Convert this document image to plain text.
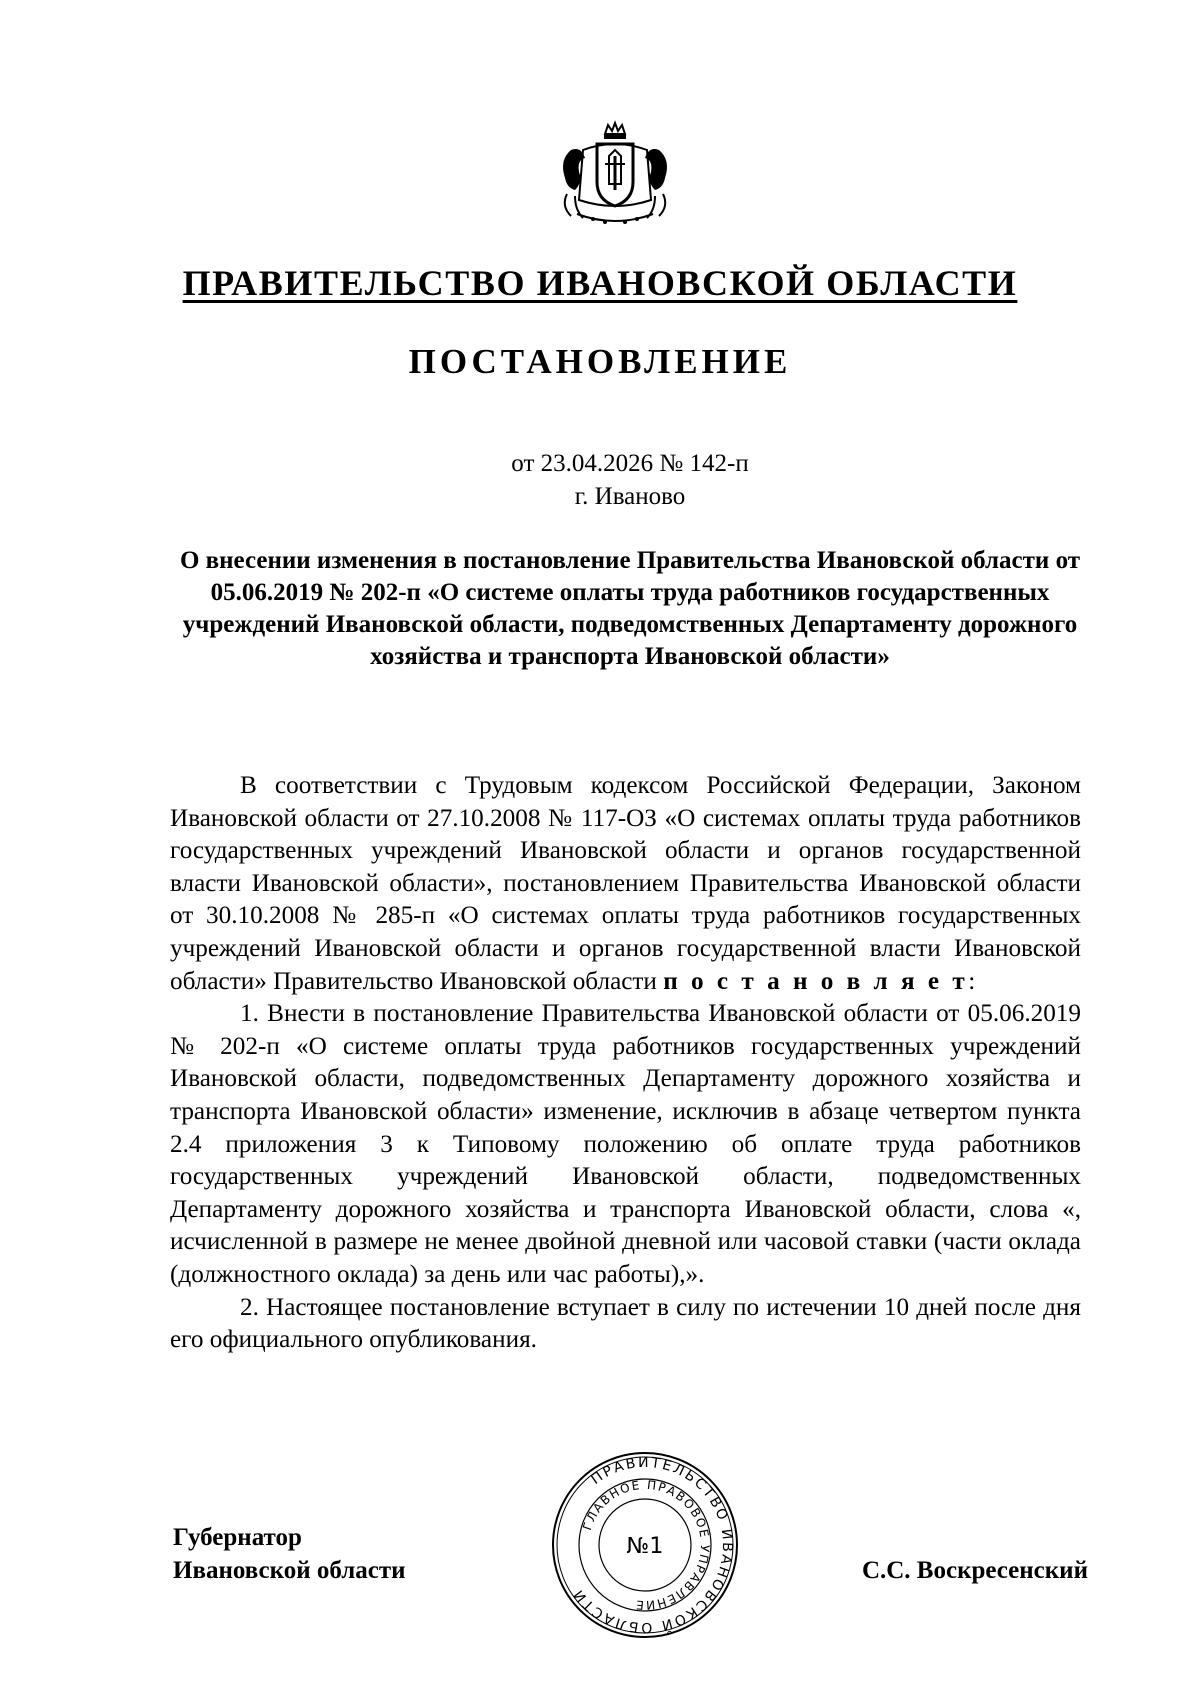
ПРАВИТЕЛЬСТВО ИВАНОВСКОЙ ОБЛАСТИ
ПОСТАНОВЛЕНИЕ
от 23.04.2026 № 142-п
г. Иваново
О внесении изменения в постановление Правительства Ивановской области от 05.06.2019 № 202-п «О системе оплаты труда работников государственных учреждений Ивановской области, подведомственных Департаменту дорожного хозяйства и транспорта Ивановской области»

В соответствии с Трудовым кодексом Российской Федерации, Законом Ивановской области от 27.10.2008 № 117-ОЗ «О системах оплаты труда работников государственных учреждений Ивановской области и органов государственной власти Ивановской области», постановлением Правительства Ивановской области от 30.10.2008 № 285-п «О системах оплаты труда работников государственных учреждений Ивановской области и органов государственной власти Ивановской области» Правительство Ивановской области п о с т а н о в л я е т:

1. Внести в постановление Правительства Ивановской области от 05.06.2019 № 202-п «О системе оплаты труда работников государственных учреждений Ивановской области, подведомственных Департаменту дорожного хозяйства и транспорта Ивановской области» изменение, исключив в абзаце четвертом пункта 2.4 приложения 3 к Типовому положению об оплате труда работников государственных учреждений Ивановской области, подведомственных Департаменту дорожного хозяйства и транспорта Ивановской области, слова «, исчисленной в размере не менее двойной дневной или часовой ставки (части оклада (должностного оклада) за день или час работы),».

2. Настоящее постановление вступает в силу по истечении 10 дней после дня его официального опубликования.

ПРАВИТЕЛЬСТВО ИВАНОВСКОЙ ОБЛАСТИ
ГЛАВНОЕ ПРАВОВОЕ УПРАВЛЕНИЕ
№1
Губернатор
Ивановской области	С.С. Воскресенский
